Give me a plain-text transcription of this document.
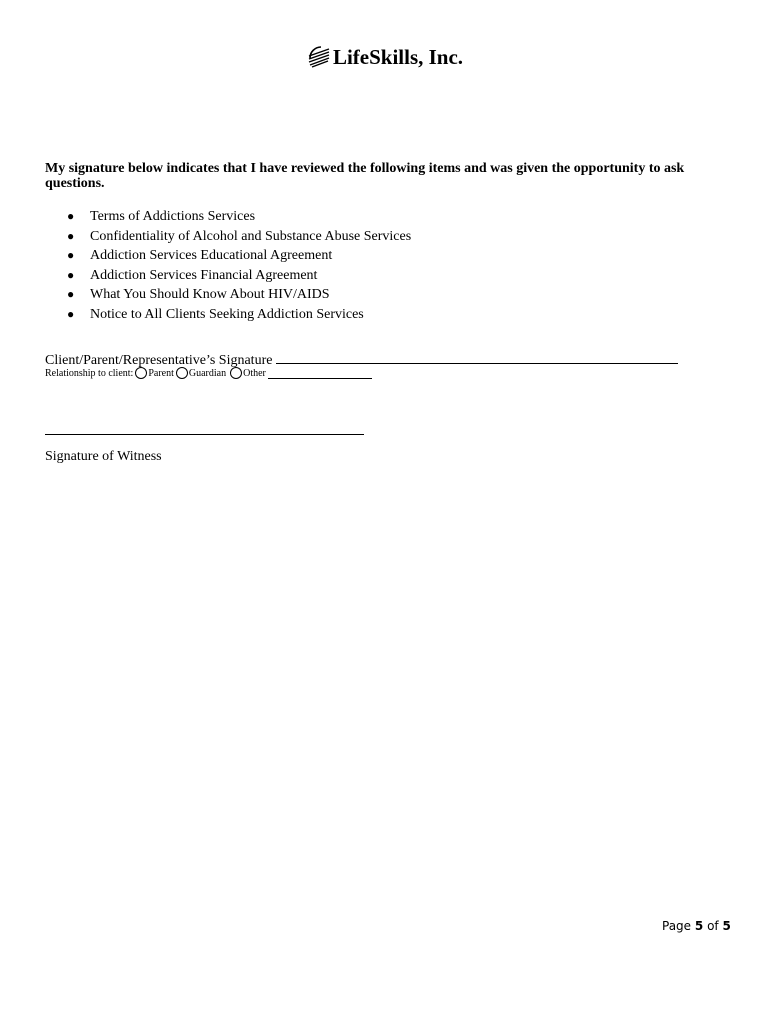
LifeSkills, Inc.
My signature below indicates that I have reviewed the following items and was given the opportunity to ask questions.
● Terms of Addictions Services
● Confidentiality of Alcohol and Substance Abuse Services
● Addiction Services Educational Agreement
● Addiction Services Financial Agreement
● What You Should Know About HIV/AIDS
● Notice to All Clients Seeking Addiction Services
Client/Parent/Representative’s Signature
Relationship to client: Parent Guardian Other
Signature of Witness
Page 5 of 5
